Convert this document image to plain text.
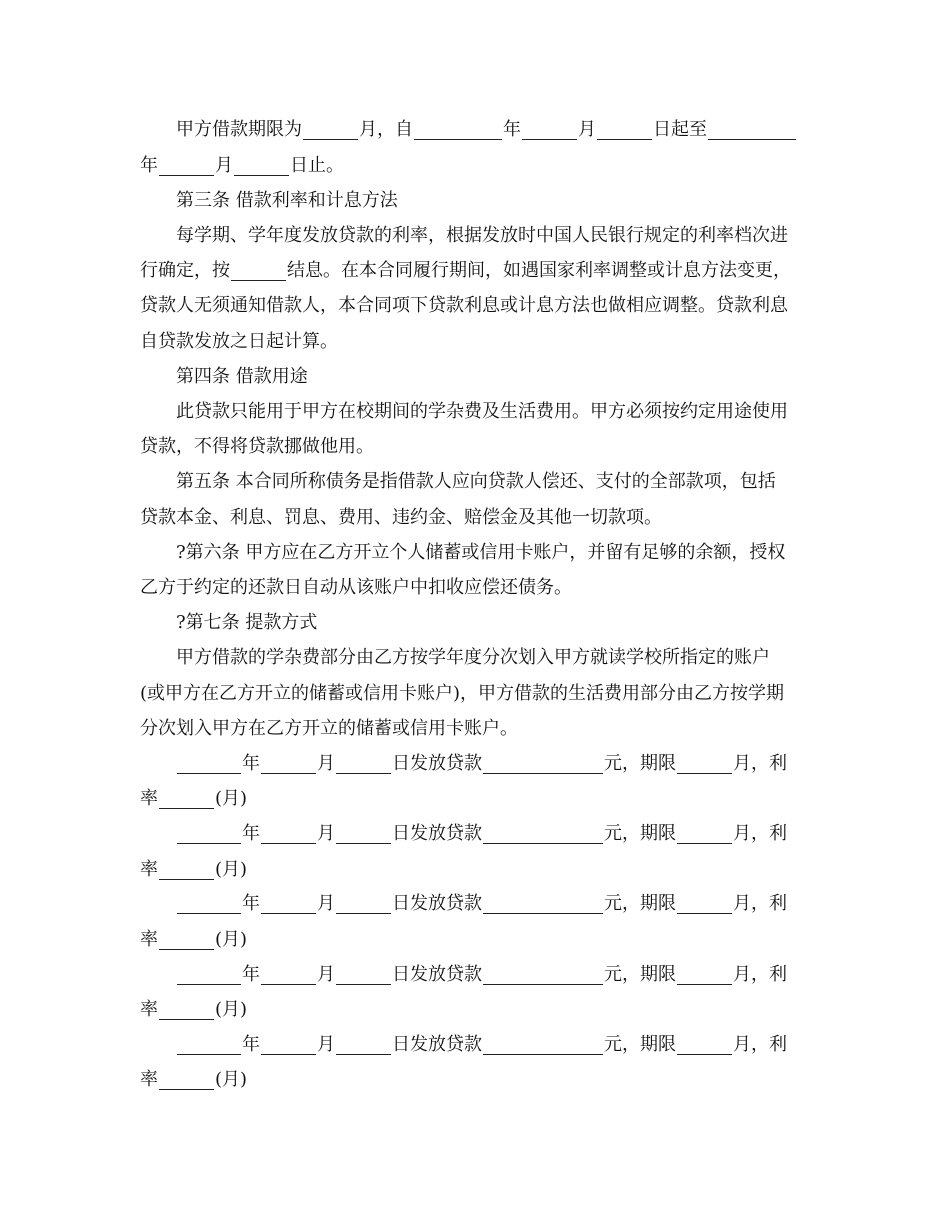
甲方借款期限为	月，自	年	月	日起至
年	月	日止。
第三条 借款利率和计息方法
每学期、学年度发放贷款的利率，根据发放时中国人民银行规定的利率档次进
行确定，按	结息。在本合同履行期间，如遇国家利率调整或计息方法变更，
贷款人无须通知借款人，本合同项下贷款利息或计息方法也做相应调整。贷款利息
自贷款发放之日起计算。
第四条 借款用途
此贷款只能用于甲方在校期间的学杂费及生活费用。甲方必须按约定用途使用
贷款，不得将贷款挪做他用。
第五条 本合同所称债务是指借款人应向贷款人偿还、支付的全部款项，包括
贷款本金、利息、罚息、费用、违约金、赔偿金及其他一切款项。
?第六条 甲方应在乙方开立个人储蓄或信用卡账户，并留有足够的余额，授权
乙方于约定的还款日自动从该账户中扣收应偿还债务。
?第七条 提款方式
甲方借款的学杂费部分由乙方按学年度分次划入甲方就读学校所指定的账户
(或甲方在乙方开立的储蓄或信用卡账户)，甲方借款的生活费用部分由乙方按学期
分次划入甲方在乙方开立的储蓄或信用卡账户。
年	月	日发放贷款	元，期限	月，利
率	(月)
年	月	日发放贷款	元，期限	月，利
率	(月)
年	月	日发放贷款	元，期限	月，利
率	(月)
年	月	日发放贷款	元，期限	月，利
率	(月)
年	月	日发放贷款	元，期限	月，利
率	(月)
